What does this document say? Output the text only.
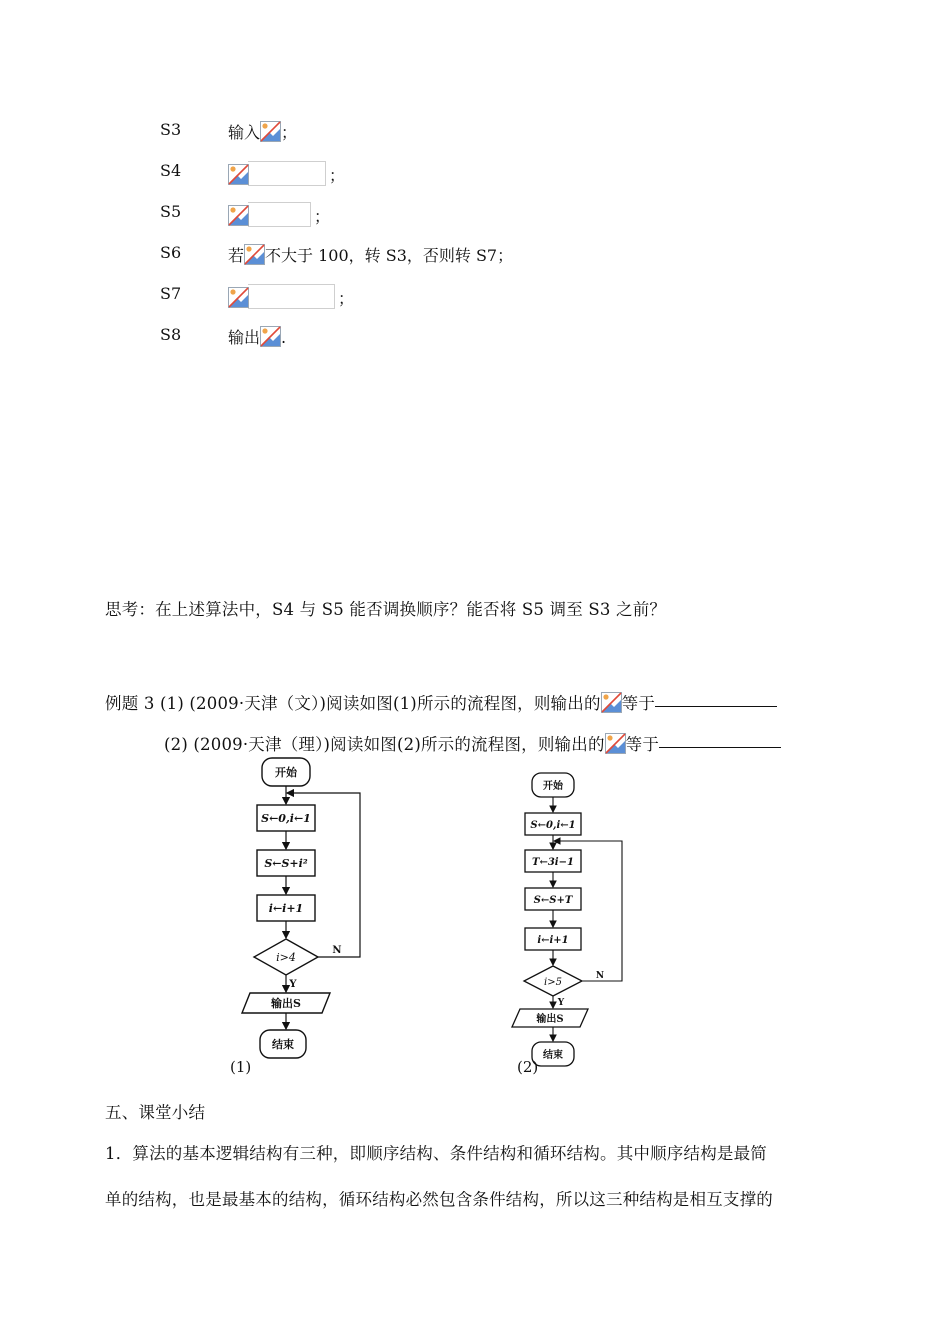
S3	输入 ；
S4	；
S5	；
S6	若 不大于 100，转 S3，否则转 S7；
S7	；
S8	输出 .
思考：在上述算法中，S4 与 S5 能否调换顺序？能否将 S5 调至 S3 之前？
例题 3 (1) (2009·天津（文）)阅读如图(1)所示的流程图，则输出的 等于
(2) (2009·天津（理）)阅读如图(2)所示的流程图，则输出的 等于
开始
S←0,i←1
S←S+i²
i←i+1
i>4
输出S
结束
Y
N
(1)
开始
S←0,i←1
T←3i−1
S←S+T
i←i+1
i>5
输出S
结束
Y
N
(2)
五、课堂小结
1．算法的基本逻辑结构有三种，即顺序结构、条件结构和循环结构。其中顺序结构是最简
单的结构，也是最基本的结构，循环结构必然包含条件结构，所以这三种结构是相互支撑的
